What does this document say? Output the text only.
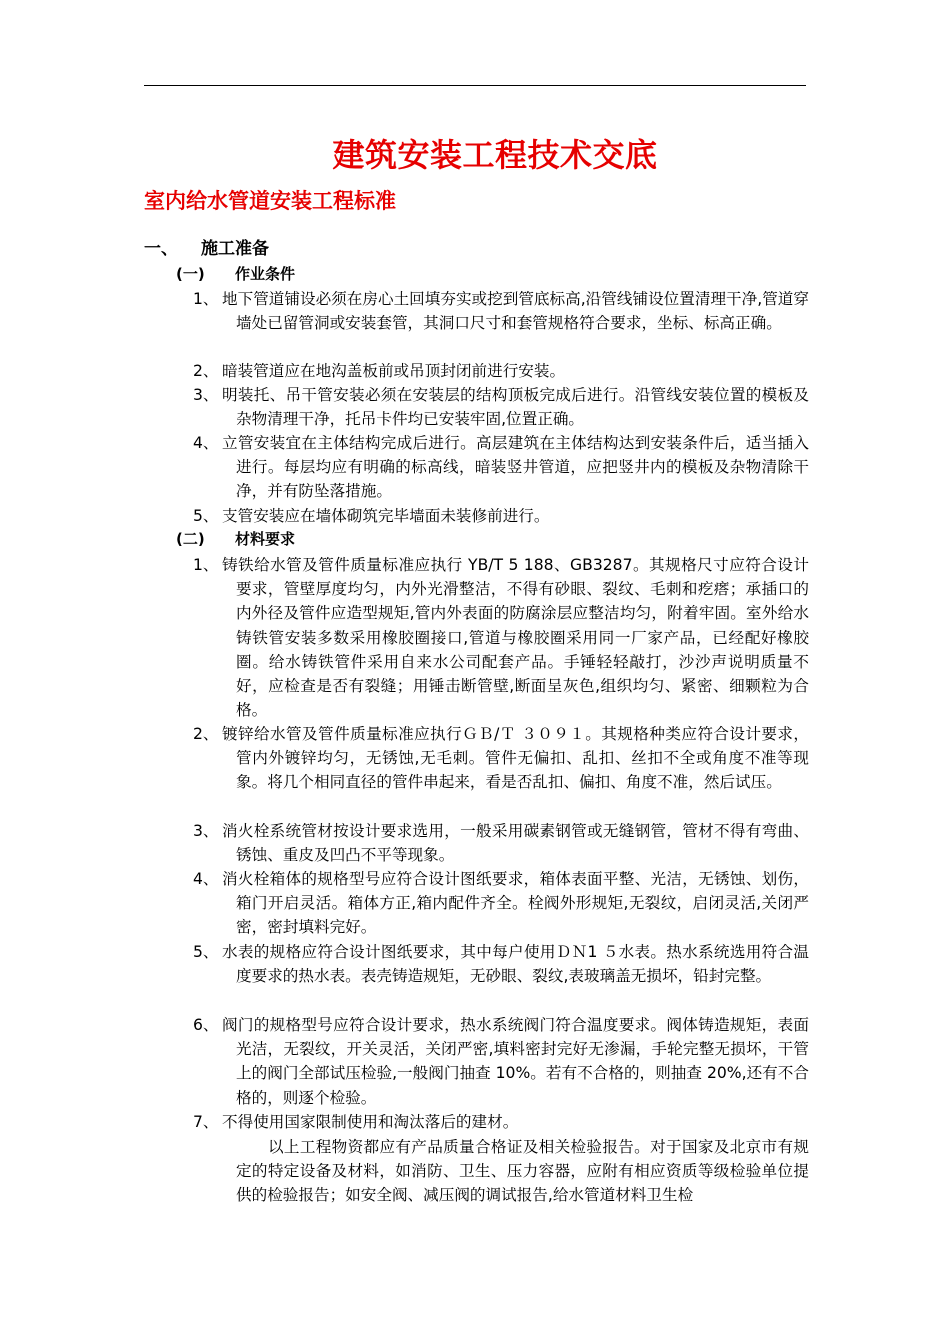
建筑安装工程技术交底
室内给水管道安装工程标准
一、 施工准备
(一) 作业条件
1、 地下管道铺设必须在房心土回填夯实或挖到管底标高,沿管线铺设位置清理干净,管道穿墙处已留管洞或安装套管，其洞口尺寸和套管规格符合要求，坐标、标高正确。
2、 暗装管道应在地沟盖板前或吊顶封闭前进行安装。
3、 明装托、吊干管安装必须在安装层的结构顶板完成后进行。沿管线安装位置的模板及杂物清理干净，托吊卡件均已安装牢固,位置正确。
4、 立管安装宜在主体结构完成后进行。高层建筑在主体结构达到安装条件后，适当插入进行。每层均应有明确的标高线，暗装竖井管道，应把竖井内的模板及杂物清除干净，并有防坠落措施。
5、 支管安装应在墙体砌筑完毕墙面未装修前进行。
(二) 材料要求
1、 铸铁给水管及管件质量标准应执行 YB/T 5 188、GB3287。其规格尺寸应符合设计要求，管壁厚度均匀，内外光滑整洁，不得有砂眼、裂纹、毛刺和疙瘩；承插口的内外径及管件应造型规矩,管内外表面的防腐涂层应整洁均匀，附着牢固。室外给水铸铁管安装多数采用橡胶圈接口,管道与橡胶圈采用同一厂家产品，已经配好橡胶圈。给水铸铁管件采用自来水公司配套产品。手锤轻轻敲打，沙沙声说明质量不好，应检查是否有裂缝；用锤击断管壁,断面呈灰色,组织均匀、紧密、细颗粒为合格。
2、 镀锌给水管及管件质量标准应执行ＧＢ/Ｔ ３０９１。其规格种类应符合设计要求，管内外镀锌均匀，无锈蚀,无毛刺。管件无偏扣、乱扣、丝扣不全或角度不准等现象。将几个相同直径的管件串起来，看是否乱扣、偏扣、角度不准，然后试压。
3、 消火栓系统管材按设计要求选用，一般采用碳素钢管或无缝钢管，管材不得有弯曲、锈蚀、重皮及凹凸不平等现象。
4、 消火栓箱体的规格型号应符合设计图纸要求，箱体表面平整、光洁，无锈蚀、划伤，箱门开启灵活。箱体方正,箱内配件齐全。栓阀外形规矩,无裂纹，启闭灵活,关闭严密，密封填料完好。
5、 水表的规格应符合设计图纸要求，其中每户使用ＤＮ1 ５水表。热水系统选用符合温度要求的热水表。表壳铸造规矩，无砂眼、裂纹,表玻璃盖无损坏，铅封完整。
6、 阀门的规格型号应符合设计要求，热水系统阀门符合温度要求。阀体铸造规矩，表面光洁，无裂纹，开关灵活，关闭严密,填料密封完好无渗漏，手轮完整无损坏，干管上的阀门全部试压检验,一般阀门抽查 10%。若有不合格的，则抽查 20%,还有不合格的，则逐个检验。
7、 不得使用国家限制使用和淘汰落后的建材。
以上工程物资都应有产品质量合格证及相关检验报告。对于国家及北京市有规定的特定设备及材料，如消防、卫生、压力容器，应附有相应资质等级检验单位提供的检验报告；如安全阀、减压阀的调试报告,给水管道材料卫生检
